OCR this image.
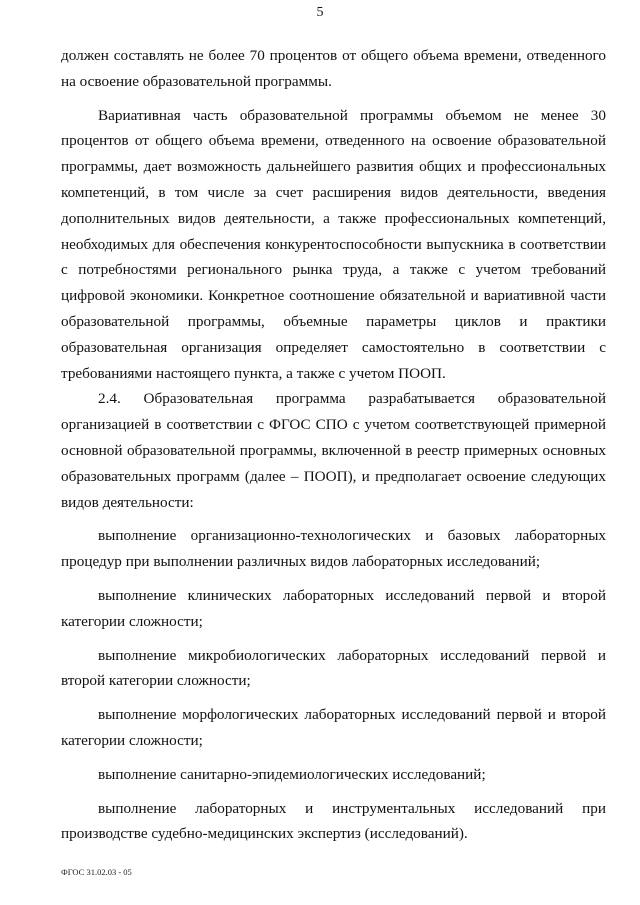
5

должен составлять не более 70 процентов от общего объема времени, отведенного на освоение образовательной программы.

Вариативная часть образовательной программы объемом не менее 30 процентов от общего объема времени, отведенного на освоение образовательной программы, дает возможность дальнейшего развития общих и профессиональных компетенций, в том числе за счет расширения видов деятельности, введения дополнительных видов деятельности, а также профессиональных компетенций, необходимых для обеспечения конкурентоспособности выпускника в соответствии с потребностями регионального рынка труда, а также с учетом требований цифровой экономики. Конкретное соотношение обязательной и вариативной части образовательной программы, объемные параметры циклов и практики образовательная организация определяет самостоятельно в соответствии с требованиями настоящего пункта, а также с учетом ПООП.

2.4. Образовательная программа разрабатывается образовательной организацией в соответствии с ФГОС СПО с учетом соответствующей примерной основной образовательной программы, включенной в реестр примерных основных образовательных программ (далее – ПООП), и предполагает освоение следующих видов деятельности:

выполнение организационно-технологических и базовых лабораторных процедур при выполнении различных видов лабораторных исследований;

выполнение клинических лабораторных исследований первой и второй категории сложности;

выполнение микробиологических лабораторных исследований первой и второй категории сложности;

выполнение морфологических лабораторных исследований первой и второй категории сложности;

выполнение санитарно-эпидемиологических исследований;

выполнение лабораторных и инструментальных исследований при производстве судебно-медицинских экспертиз (исследований).

ФГОС 31.02.03 - 05
